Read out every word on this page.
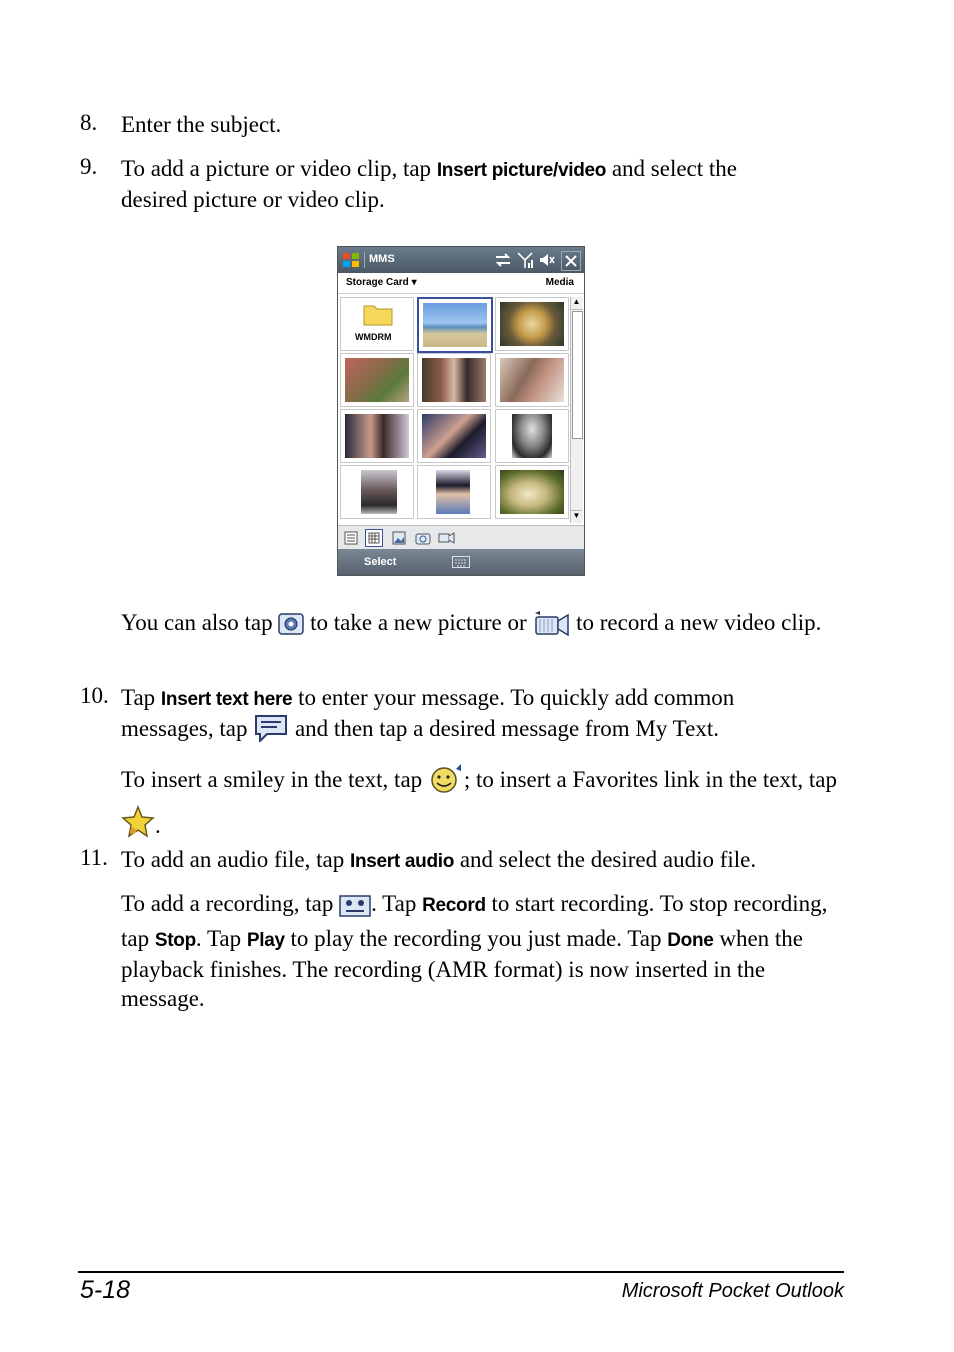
8. Enter the subject.
9. To add a picture or video clip, tap Insert picture/video and select the desired picture or video clip.
MMS
Storage Card ▾	Media
WMDRM
▲
▼
Select
You can also tap  to take a new picture or  to record a new video clip.
10. Tap Insert text here to enter your message. To quickly add common messages, tap  and then tap a desired message from My Text.
To insert a smiley in the text, tap ; to insert a Favorites link in the text, tap .
11. To add an audio file, tap Insert audio and select the desired audio file.
To add a recording, tap . Tap Record to start recording. To stop recording, tap Stop. Tap Play to play the recording you just made. Tap Done when the playback finishes. The recording (AMR format) is now inserted in the message.
5-18	Microsoft Pocket Outlook
